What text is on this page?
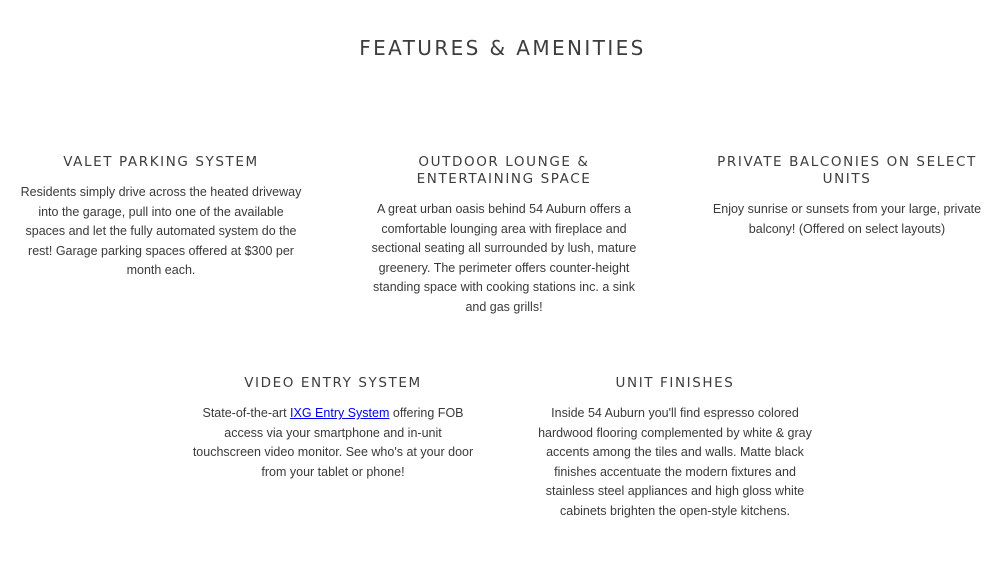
FEATURES & AMENITIES
VALET PARKING SYSTEM

Residents simply drive across the heated driveway into the garage, pull into one of the available spaces and let the fully automated system do the rest! Garage parking spaces offered at $300 per month each.

OUTDOOR LOUNGE & ENTERTAINING SPACE

A great urban oasis behind 54 Auburn offers a comfortable lounging area with fireplace and sectional seating all surrounded by lush, mature greenery. The perimeter offers counter-height standing space with cooking stations inc. a sink and gas grills!

PRIVATE BALCONIES ON SELECT UNITS

Enjoy sunrise or sunsets from your large, private balcony! (Offered on select layouts)

VIDEO ENTRY SYSTEM

State-of-the-art IXG Entry System offering FOB access via your smartphone and in-unit touchscreen video monitor. See who's at your door from your tablet or phone!

UNIT FINISHES

Inside 54 Auburn you'll find espresso colored hardwood flooring complemented by white & gray accents among the tiles and walls. Matte black finishes accentuate the modern fixtures and stainless steel appliances and high gloss white cabinets brighten the open-style kitchens.
